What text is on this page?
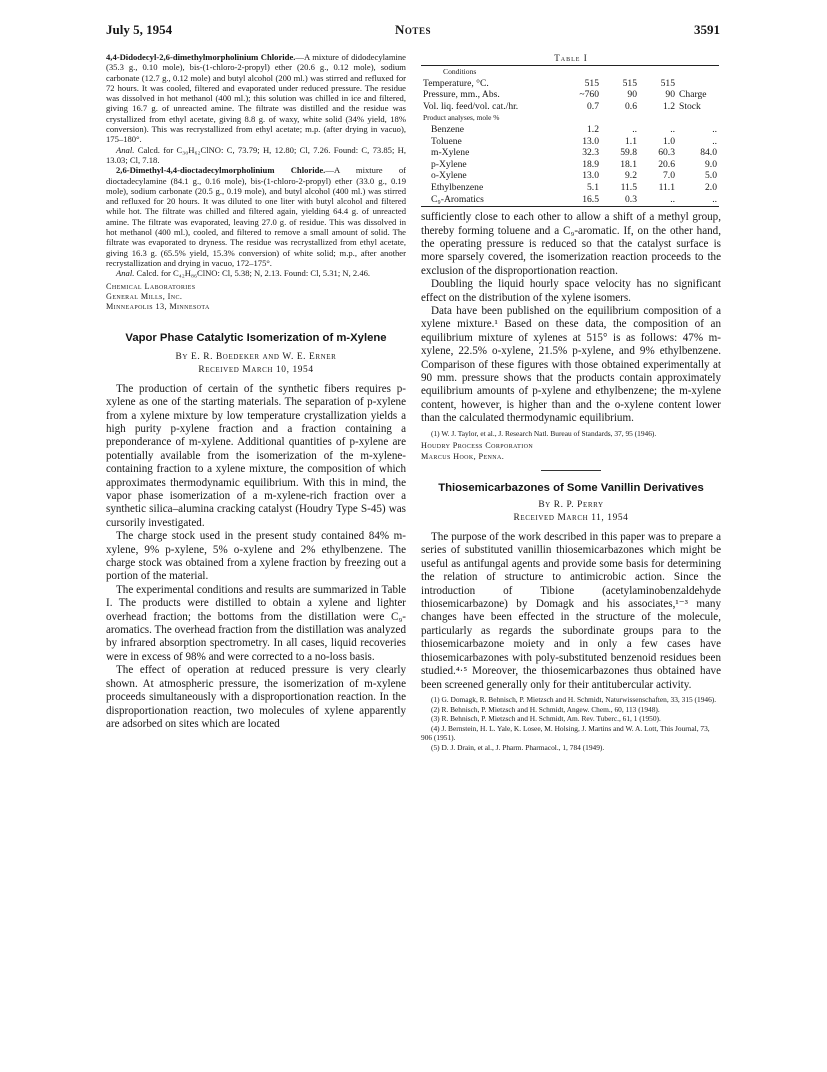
July 5, 1954	Notes	3591

4,4-Didodecyl-2,6-dimethylmorpholinium Chloride.—A mixture of didodecylamine (35.3 g., 0.10 mole), bis-(1-chloro-2-propyl) ether (20.6 g., 0.12 mole), sodium carbonate (12.7 g., 0.12 mole) and butyl alcohol (200 ml.) was stirred and refluxed for 72 hours. It was cooled, filtered and evaporated under reduced pressure. The residue was dissolved in hot methanol (400 ml.); this solution was chilled in ice and filtered, giving 16.7 g. of unreacted amine. The filtrate was distilled and the residue was crystallized from ethyl acetate, giving 8.8 g. of waxy, white solid (34% yield, 18% conversion). This was recrystallized from ethyl acetate; m.p. (after drying in vacuo), 175–180°.

Anal. Calcd. for C₃₀H₆₂ClNO: C, 73.79; H, 12.80; Cl, 7.26. Found: C, 73.85; H, 13.03; Cl, 7.18.

2,6-Dimethyl-4,4-dioctadecylmorpholinium Chloride.—A mixture of dioctadecylamine (84.1 g., 0.16 mole), bis-(1-chloro-2-propyl) ether (33.0 g., 0.19 mole), sodium carbonate (20.5 g., 0.19 mole), and butyl alcohol (400 ml.) was stirred and refluxed for 20 hours. It was diluted to one liter with butyl alcohol and filtered while hot. The filtrate was chilled and filtered again, yielding 64.4 g. of unreacted amine. The filtrate was evaporated, leaving 27.0 g. of residue. This was dissolved in hot methanol (400 ml.), cooled, and filtered to remove a small amount of solid. The filtrate was evaporated to dryness. The residue was recrystallized from ethyl acetate, giving 16.3 g. (65.5% yield, 15.3% conversion) of white solid; m.p., after another recrystallization and drying in vacuo, 172–175°.

Anal. Calcd. for C₄₂H₈₆ClNO: Cl, 5.38; N, 2.13. Found: Cl, 5.31; N, 2.46.

Chemical Laboratories
General Mills, Inc.
Minneapolis 13, Minnesota
Vapor Phase Catalytic Isomerization of m-Xylene

By E. R. Boedeker and W. E. Erner

Received March 10, 1954

The production of certain of the synthetic fibers requires p-xylene as one of the starting materials. The separation of p-xylene from a xylene mixture by low temperature crystallization yields a high purity p-xylene fraction and a fraction containing a preponderance of m-xylene. Additional quantities of p-xylene are potentially available from the isomerization of the m-xylene-containing fraction to a xylene mixture, the composition of which approximates thermodynamic equilibrium. With this in mind, the vapor phase isomerization of a m-xylene-rich fraction over a synthetic silica–alumina cracking catalyst (Houdry Type S-45) was cursorily investigated.

The charge stock used in the present study contained 84% m-xylene, 9% p-xylene, 5% o-xylene and 2% ethylbenzene. The charge stock was obtained from a xylene fraction by freezing out a portion of the material.

The experimental conditions and results are summarized in Table I. The products were distilled to obtain a xylene and lighter overhead fraction; the bottoms from the distillation were C₉-aromatics. The overhead fraction from the distillation was analyzed by infrared absorption spectrometry. In all cases, liquid recoveries were in excess of 98% and were corrected to a no-loss basis.

The effect of operation at reduced pressure is very clearly shown. At atmospheric pressure, the isomerization of m-xylene proceeds simultaneously with a disproportionation reaction. In the disproportionation reaction, two molecules of xylene apparently are adsorbed on sites which are located

Table I

Conditions				
Temperature, °C.	515	515	515	
Pressure, mm., Abs.	~760	90	90	Charge
Vol. liq. feed/vol. cat./hr.	0.7	0.6	1.2	Stock
Product analyses, mole %				
Benzene	1.2	..	..	..
Toluene	13.0	1.1	1.0	..
m-Xylene	32.3	59.8	60.3	84.0
p-Xylene	18.9	18.1	20.6	9.0
o-Xylene	13.0	9.2	7.0	5.0
Ethylbenzene	5.1	11.5	11.1	2.0
C₉-Aromatics	16.5	0.3	..	..

sufficiently close to each other to allow a shift of a methyl group, thereby forming toluene and a C₉-aromatic. If, on the other hand, the operating pressure is reduced so that the catalyst surface is more sparsely covered, the isomerization reaction proceeds to the exclusion of the disproportionation reaction.

Doubling the liquid hourly space velocity has no significant effect on the distribution of the xylene isomers.

Data have been published on the equilibrium composition of a xylene mixture.¹ Based on these data, the composition of an equilibrium mixture of xylenes at 515° is as follows: 47% m-xylene, 22.5% o-xylene, 21.5% p-xylene, and 9% ethylbenzene. Comparison of these figures with those obtained experimentally at 90 mm. pressure shows that the products contain approximately equilibrium amounts of p-xylene and ethylbenzene; the m-xylene content, however, is higher than and the o-xylene content lower than the calculated thermodynamic equilibrium.

(1) W. J. Taylor, et al., J. Research Natl. Bureau of Standards, 37, 95 (1946).

Houdry Process Corporation
Marcus Hook, Penna.
Thiosemicarbazones of Some Vanillin Derivatives

By R. P. Perry

Received March 11, 1954

The purpose of the work described in this paper was to prepare a series of substituted vanillin thiosemicarbazones which might be useful as antifungal agents and provide some basis for determining the relation of structure to antimicrobic action. Since the introduction of Tibione (acetylaminobenzaldehyde thiosemicarbazone) by Domagk and his associates,¹⁻³ many changes have been effected in the structure of the molecule, particularly as regards the subordinate groups para to the thiosemicarbazone moiety and in only a few cases have thiosemicarbazones with poly-substituted benzenoid residues been studied.⁴·⁵ Moreover, the thiosemicarbazones thus obtained have been screened generally only for their antitubercular activity.

(1) G. Domagk, R. Behnisch, P. Mietzsch and H. Schmidt, Naturwissenschaften, 33, 315 (1946).

(2) R. Behnisch, P. Mietzsch and H. Schmidt, Angew. Chem., 60, 113 (1948).

(3) R. Behnisch, P. Mietzsch and H. Schmidt, Am. Rev. Tuberc., 61, 1 (1950).

(4) J. Bernstein, H. L. Yale, K. Losee, M. Holsing, J. Martins and W. A. Lott, This Journal, 73, 906 (1951).

(5) D. J. Drain, et al., J. Pharm. Pharmacol., 1, 784 (1949).
